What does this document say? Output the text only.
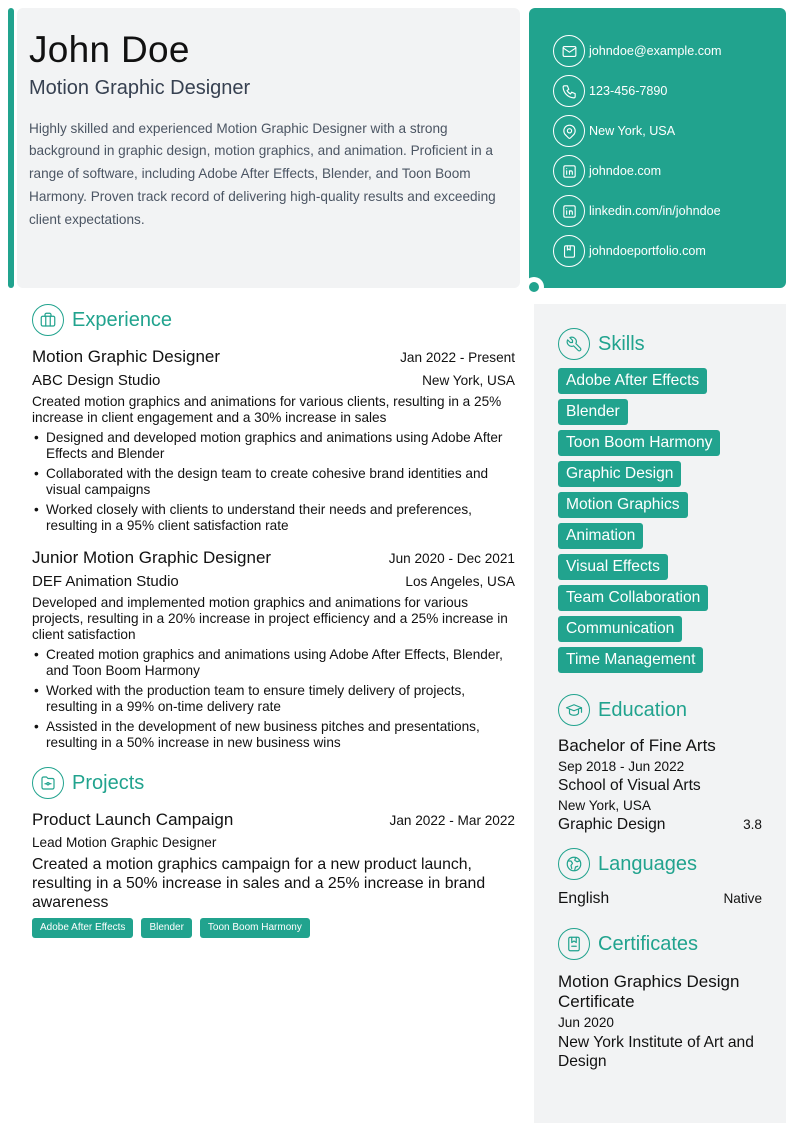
John Doe
Motion Graphic Designer
Highly skilled and experienced Motion Graphic Designer with a strong background in graphic design, motion graphics, and animation. Proficient in a range of software, including Adobe After Effects, Blender, and Toon Boom Harmony. Proven track record of delivering high-quality results and exceeding client expectations.
johndoe@example.com
123-456-7890
New York, USA
johndoe.com
linkedin.com/in/johndoe
johndoeportfolio.com
Experience
Motion Graphic Designer	Jan 2022 - Present
ABC Design Studio	New York, USA
Created motion graphics and animations for various clients, resulting in a 25% increase in client engagement and a 30% increase in sales
• Designed and developed motion graphics and animations using Adobe After Effects and Blender
• Collaborated with the design team to create cohesive brand identities and visual campaigns
• Worked closely with clients to understand their needs and preferences, resulting in a 95% client satisfaction rate
Junior Motion Graphic Designer	Jun 2020 - Dec 2021
DEF Animation Studio	Los Angeles, USA
Developed and implemented motion graphics and animations for various projects, resulting in a 20% increase in project efficiency and a 25% increase in client satisfaction
• Created motion graphics and animations using Adobe After Effects, Blender, and Toon Boom Harmony
• Worked with the production team to ensure timely delivery of projects, resulting in a 99% on-time delivery rate
• Assisted in the development of new business pitches and presentations, resulting in a 50% increase in new business wins
Projects
Product Launch Campaign	Jan 2022 - Mar 2022
Lead Motion Graphic Designer
Created a motion graphics campaign for a new product launch, resulting in a 50% increase in sales and a 25% increase in brand awareness
Adobe After Effects	Blender	Toon Boom Harmony
Skills
Adobe After Effects
Blender
Toon Boom Harmony
Graphic Design
Motion Graphics
Animation
Visual Effects
Team Collaboration
Communication
Time Management
Education
Bachelor of Fine Arts
Sep 2018 - Jun 2022
School of Visual Arts
New York, USA
Graphic Design	3.8
Languages
English	Native
Certificates
Motion Graphics Design Certificate
Jun 2020
New York Institute of Art and Design
